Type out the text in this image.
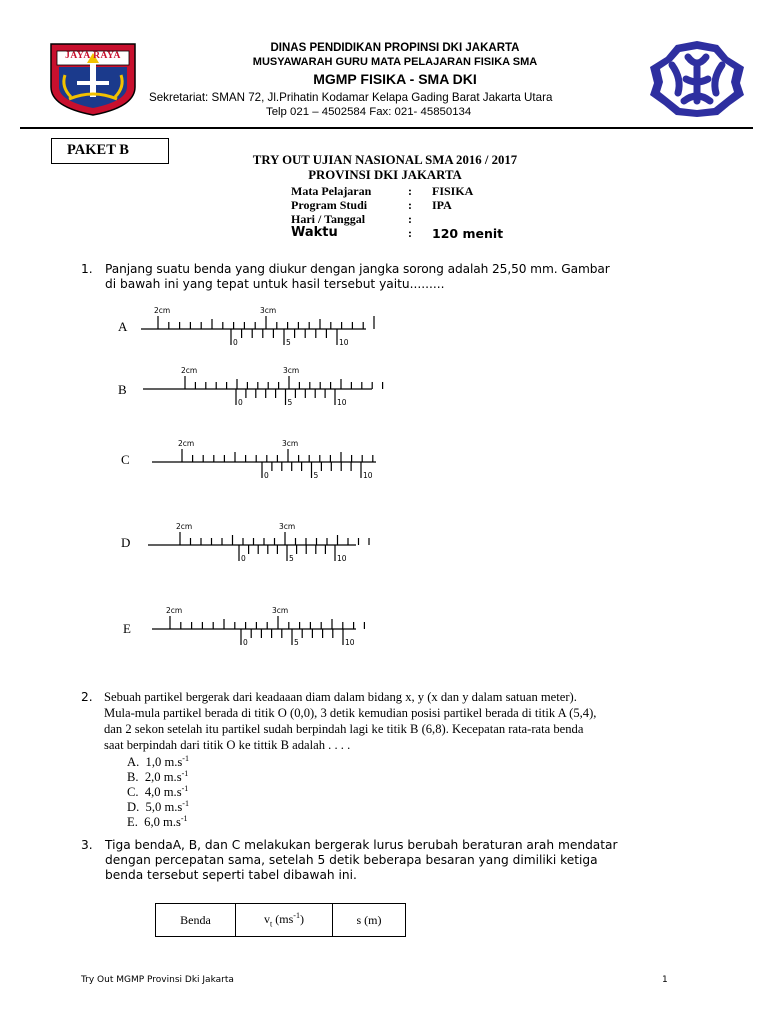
JAYA RAYA
DINAS PENDIDIKAN PROPINSI DKI JAKARTA
MUSYAWARAH GURU MATA PELAJARAN FISIKA SMA
MGMP FISIKA - SMA DKI
Sekretariat: SMAN 72, Jl.Prihatin Kodamar Kelapa Gading Barat Jakarta Utara
Telp 021 – 4502584 Fax: 021- 45850134
PAKET B
TRY OUT UJIAN NASIONAL SMA 2016 / 2017
PROVINSI DKI JAKARTA
Mata Pelajaran	: FISIKA
Program Studi	: IPA
Hari / Tanggal	:
Waktu	: 120 menit
1. Panjang suatu benda yang diukur dengan jangka sorong adalah 25,50 mm. Gambar
di bawah ini yang tepat untuk hasil tersebut yaitu.........
A
B
C
D
E
2cm	3cm
0	5	10
2cm	3cm
0	5	10
2cm	3cm
0	5	10
2cm	3cm
0	5	10
2cm	3cm
0	5	10
2. Sebuah partikel bergerak dari keadaaan diam dalam bidang x, y (x dan y dalam satuan meter).
Mula-mula partikel berada di titik O (0,0), 3 detik kemudian posisi partikel berada di titik A (5,4),
dan 2 sekon setelah itu partikel sudah berpindah lagi ke titik B (6,8). Kecepatan rata-rata benda
saat berpindah dari titik O ke tittik B adalah . . . .
A. 1,0 $m.s^{-1}$
B. 2,0 $m.s^{-1}$
C. 4,0 $m.s^{-1}$
D. 5,0 $m.s^{-1}$
E. 6,0 $m.s^{-1}$
3. Tiga bendaA, B, dan C melakukan bergerak lurus berubah beraturan arah mendatar
dengan percepatan sama, setelah 5 detik beberapa besaran yang dimiliki ketiga
benda tersebut seperti tabel dibawah ini.
Benda	$v_t$ $(ms^{-1})$	s (m)
Try Out MGMP Provinsi Dki Jakarta	1
